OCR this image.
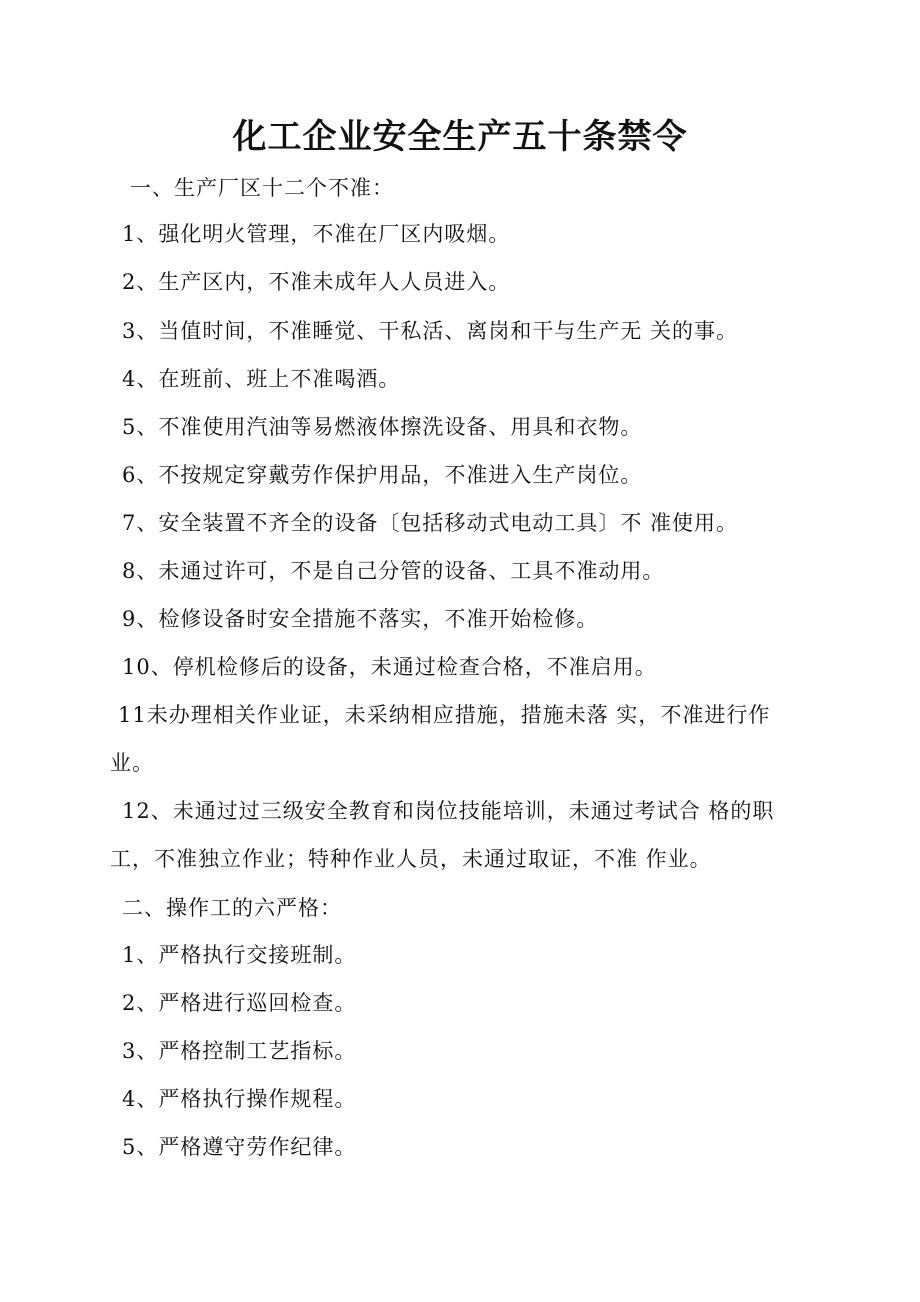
化工企业安全生产五十条禁令
一、生产厂区十二个不准：
1、强化明火管理，不准在厂区内吸烟。
2、生产区内，不准未成年人人员进入。
3、当值时间，不准睡觉、干私活、离岗和干与生产无 关的事。
4、在班前、班上不准喝酒。
5、不准使用汽油等易燃液体擦洗设备、用具和衣物。
6、不按规定穿戴劳作保护用品，不准进入生产岗位。
7、安全装置不齐全的设备〔包括移动式电动工具〕不 准使用。
8、未通过许可，不是自己分管的设备、工具不准动用。
9、检修设备时安全措施不落实，不准开始检修。
10、停机检修后的设备，未通过检查合格，不准启用。
11未办理相关作业证，未采纳相应措施，措施未落 实，不准进行作
业。
12、未通过过三级安全教育和岗位技能培训，未通过考试合 格的职
工，不准独立作业；特种作业人员，未通过取证，不准 作业。
二、操作工的六严格：
1、严格执行交接班制。
2、严格进行巡回检查。
3、严格控制工艺指标。
4、严格执行操作规程。
5、严格遵守劳作纪律。
